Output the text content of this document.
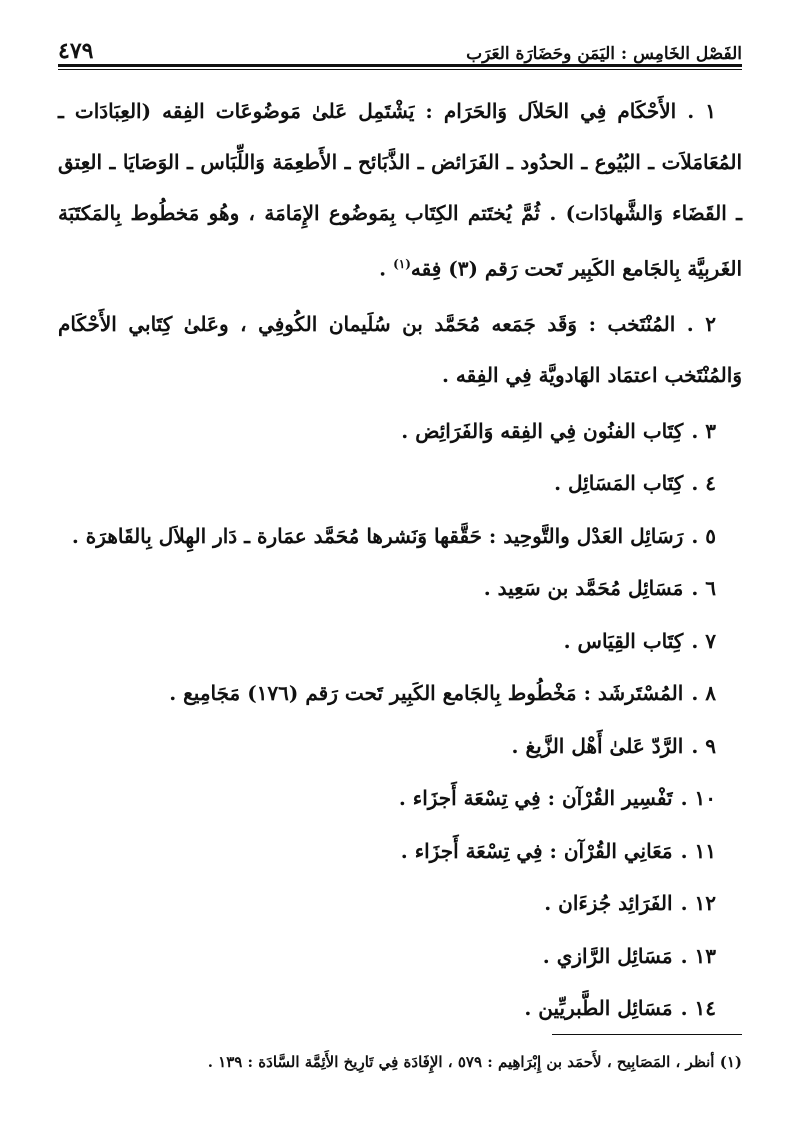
الفَصْل الخَامِس : اليَمَن وحَضَارَة العَرَب
٤٧٩

١ . الأَحْكَام فِي الحَلاَل وَالحَرَام : يَشْتَمِل عَلىٰ مَوضُوعَات الفِقه (العِبَادَات ـ المُعَامَلاَت ـ البُيُوع ـ الحدُود ـ الفَرَائض ـ الذَّبَائح ـ الأَطعِمَة وَاللِّبَاس ـ الوَصَايَا ـ العِتق ـ القَضَاء وَالشَّهادَات) . ثُمَّ يُختَتم الكِتَاب بِمَوضُوع الإِمَامَة ، وهُو مَخطُوط بِالمَكتَبَة الغَربِيَّة بِالجَامع الكَبِير تَحت رَقم (٣) فِقه$^{(١)}$ .

٢ . المُنْتَخب : وَقَد جَمَعه مُحَمَّد بن سُلَيمان الكُوفِي ، وعَلىٰ كِتَابي الأَحْكَام وَالمُنْتَخب اعتمَاد الهَادويَّة فِي الفِقه .

٣ .كِتَاب الفنُون فِي الفِقه وَالفَرَائِض .
٤ .كِتَاب المَسَائِل .
٥ .رَسَائِل العَدْل والتَّوحِيد : حَقَّقها وَنَشرها مُحَمَّد عمَارة ـ دَار الهِلاَل بِالقَاهرَة .
٦ .مَسَائِل مُحَمَّد بن سَعِيد .
٧ .كِتَاب القِيَاس .
٨ .المُسْتَرشَد : مَخْطُوط بِالجَامع الكَبِير تَحت رَقم (١٧٦) مَجَامِيع .
٩ .الرَّدّ عَلىٰ أَهْل الزَّيغ .
١٠ .تَفْسِير القُرْآن : فِي تِسْعَة أَجزَاء .
١١ .مَعَانِي القُرْآن : فِي تِسْعَة أَجزَاء .
١٢ .الفَرَائِد جُزءَان .
١٣ .مَسَائِل الرَّازي .
١٤ .مَسَائِل الطَّبريِّين .
(١) أنظر ، المَصَابِيح ، لأَحمَد بن إِبْرَاهِيم : ٥٧٩ ، الإِفَادَة فِي تَارِيخ الأَئِمَّة السَّادَة : ١٣٩ .
